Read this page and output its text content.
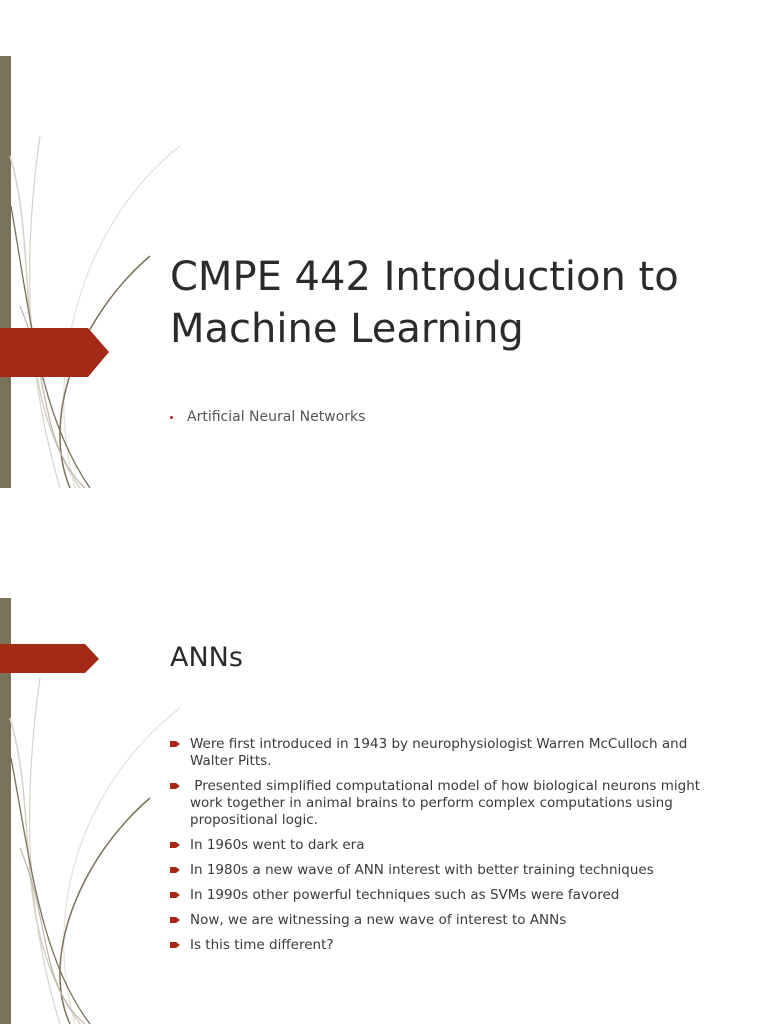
CMPE 442 Introduction to Machine Learning

Artificial Neural Networks

ANNs
Were first introduced in 1943 by neurophysiologist Warren McCulloch and Walter Pitts.
Presented simplified computational model of how biological neurons might work together in animal brains to perform complex computations using propositional logic.
In 1960s went to dark era
In 1980s a new wave of ANN interest with better training techniques
In 1990s other powerful techniques such as SVMs were favored
Now, we are witnessing a new wave of interest to ANNs
Is this time different?
